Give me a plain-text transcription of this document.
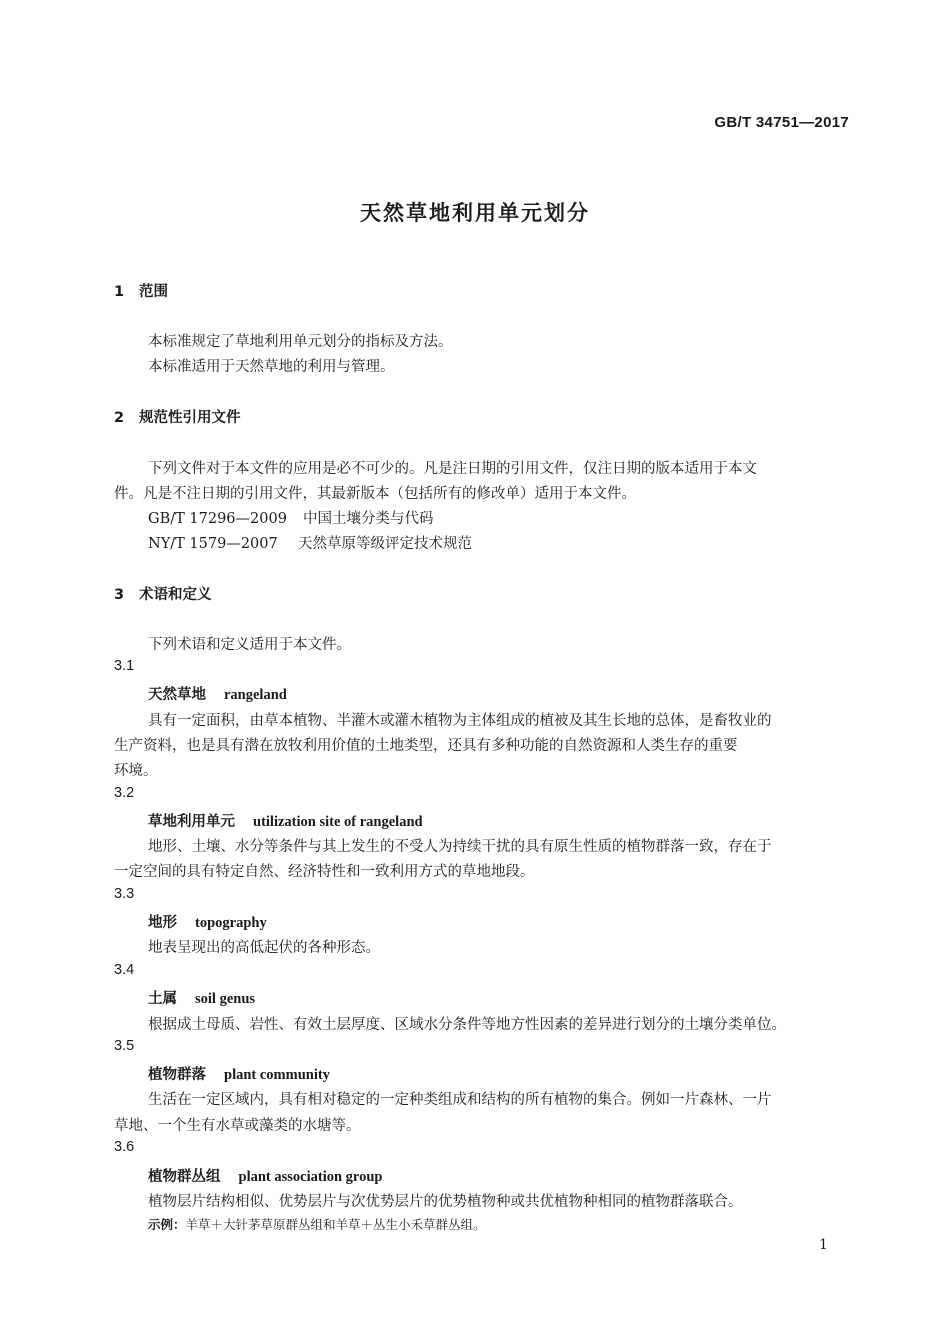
GB/T 34751—2017
天然草地利用单元划分
1 范围
本标准规定了草地利用单元划分的指标及方法。
本标准适用于天然草地的利用与管理。
2 规范性引用文件
下列文件对于本文件的应用是必不可少的。凡是注日期的引用文件，仅注日期的版本适用于本文
件。凡是不注日期的引用文件，其最新版本（包括所有的修改单）适用于本文件。
GB/T 17296—2009 中国土壤分类与代码
NY/T 1579—2007 天然草原等级评定技术规范
3 术语和定义
下列术语和定义适用于本文件。
3.1
天然草地 rangeland
具有一定面积，由草本植物、半灌木或灌木植物为主体组成的植被及其生长地的总体，是畜牧业的
生产资料，也是具有潜在放牧利用价值的土地类型，还具有多种功能的自然资源和人类生存的重要
环境。
3.2
草地利用单元 utilization site of rangeland
地形、土壤、水分等条件与其上发生的不受人为持续干扰的具有原生性质的植物群落一致，存在于
一定空间的具有特定自然、经济特性和一致利用方式的草地地段。
3.3
地形 topography
地表呈现出的高低起伏的各种形态。
3.4
土属 soil genus
根据成土母质、岩性、有效土层厚度、区域水分条件等地方性因素的差异进行划分的土壤分类单位。
3.5
植物群落 plant community
生活在一定区域内，具有相对稳定的一定种类组成和结构的所有植物的集合。例如一片森林、一片
草地、一个生有水草或藻类的水塘等。
3.6
植物群丛组 plant association group
植物层片结构相似、优势层片与次优势层片的优势植物种或共优植物种相同的植物群落联合。
示例：羊草＋大针茅草原群丛组和羊草＋丛生小禾草群丛组。
1
